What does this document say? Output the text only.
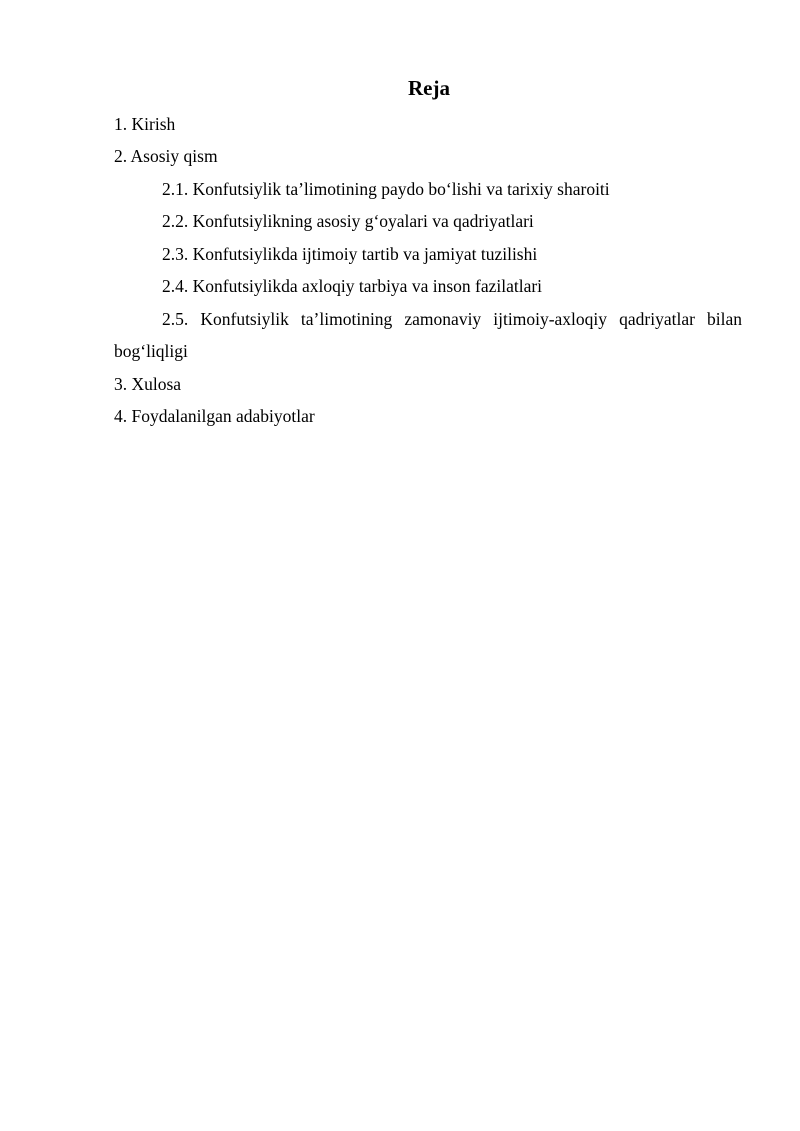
Reja
1. Kirish
2. Asosiy qism
2.1. Konfutsiylik ta’limotining paydo bo‘lishi va tarixiy sharoiti
2.2. Konfutsiylikning asosiy g‘oyalari va qadriyatlari
2.3. Konfutsiylikda ijtimoiy tartib va jamiyat tuzilishi
2.4. Konfutsiylikda axloqiy tarbiya va inson fazilatlari
2.5. Konfutsiylik ta’limotining zamonaviy ijtimoiy-axloqiy qadriyatlar bilan
bog‘liqligi
3. Xulosa
4. Foydalanilgan adabiyotlar
